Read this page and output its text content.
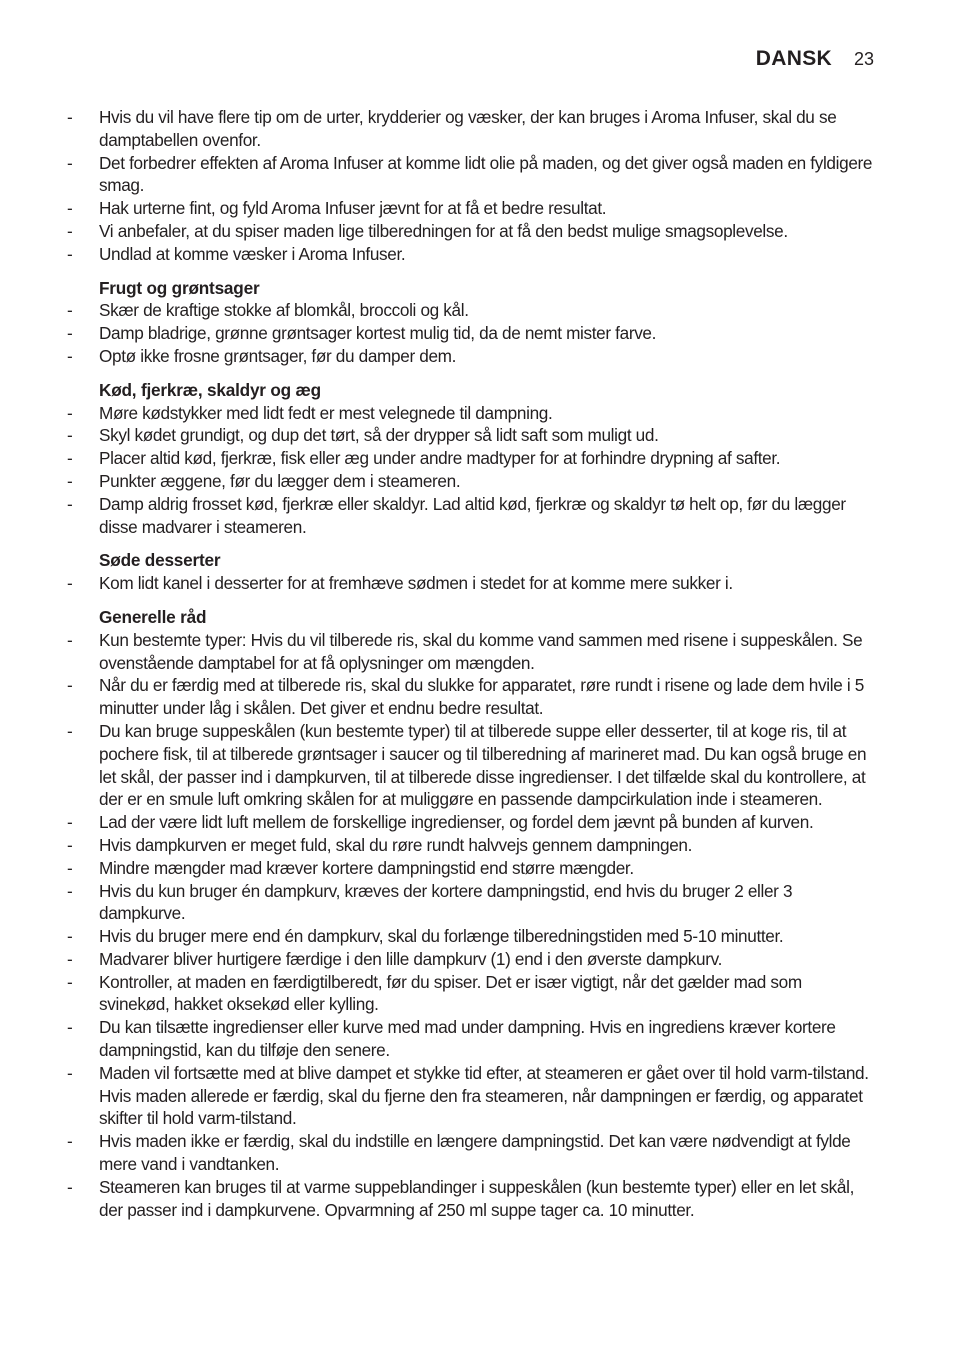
DANSK 23
- Hvis du vil have flere tip om de urter, krydderier og væsker, der kan bruges i Aroma Infuser, skal du se damptabellen ovenfor.
- Det forbedrer effekten af Aroma Infuser at komme lidt olie på maden, og det giver også maden en fyldigere smag.
- Hak urterne fint, og fyld Aroma Infuser jævnt for at få et bedre resultat.
- Vi anbefaler, at du spiser maden lige tilberedningen for at få den bedst mulige smagsoplevelse.
- Undlad at komme væsker i Aroma Infuser.
Frugt og grøntsager
- Skær de kraftige stokke af blomkål, broccoli og kål.
- Damp bladrige, grønne grøntsager kortest mulig tid, da de nemt mister farve.
- Optø ikke frosne grøntsager, før du damper dem.
Kød, fjerkræ, skaldyr og æg
- Møre kødstykker med lidt fedt er mest velegnede til dampning.
- Skyl kødet grundigt, og dup det tørt, så der drypper så lidt saft som muligt ud.
- Placer altid kød, fjerkræ, fisk eller æg under andre madtyper for at forhindre drypning af safter.
- Punkter æggene, før du lægger dem i steameren.
- Damp aldrig frosset kød, fjerkræ eller skaldyr. Lad altid kød, fjerkræ og skaldyr tø helt op, før du lægger disse madvarer i steameren.
Søde desserter
- Kom lidt kanel i desserter for at fremhæve sødmen i stedet for at komme mere sukker i.
Generelle råd
- Kun bestemte typer: Hvis du vil tilberede ris, skal du komme vand sammen med risene i suppeskålen. Se ovenstående damptabel for at få oplysninger om mængden.
- Når du er færdig med at tilberede ris, skal du slukke for apparatet, røre rundt i risene og lade dem hvile i 5 minutter under låg i skålen. Det giver et endnu bedre resultat.
- Du kan bruge suppeskålen (kun bestemte typer) til at tilberede suppe eller desserter, til at koge ris, til at pochere fisk, til at tilberede grøntsager i saucer og til tilberedning af marineret mad. Du kan også bruge en let skål, der passer ind i dampkurven, til at tilberede disse ingredienser. I det tilfælde skal du kontrollere, at der er en smule luft omkring skålen for at muliggøre en passende dampcirkulation inde i steameren.
- Lad der være lidt luft mellem de forskellige ingredienser, og fordel dem jævnt på bunden af kurven.
- Hvis dampkurven er meget fuld, skal du røre rundt halvvejs gennem dampningen.
- Mindre mængder mad kræver kortere dampningstid end større mængder.
- Hvis du kun bruger én dampkurv, kræves der kortere dampningstid, end hvis du bruger 2 eller 3 dampkurve.
- Hvis du bruger mere end én dampkurv, skal du forlænge tilberedningstiden med 5-10 minutter.
- Madvarer bliver hurtigere færdige i den lille dampkurv (1) end i den øverste dampkurv.
- Kontroller, at maden en færdigtilberedt, før du spiser. Det er især vigtigt, når det gælder mad som svinekød, hakket oksekød eller kylling.
- Du kan tilsætte ingredienser eller kurve med mad under dampning. Hvis en ingrediens kræver kortere dampningstid, kan du tilføje den senere.
- Maden vil fortsætte med at blive dampet et stykke tid efter, at steameren er gået over til hold varm-tilstand. Hvis maden allerede er færdig, skal du fjerne den fra steameren, når dampningen er færdig, og apparatet skifter til hold varm-tilstand.
- Hvis maden ikke er færdig, skal du indstille en længere dampningstid. Det kan være nødvendigt at fylde mere vand i vandtanken.
- Steameren kan bruges til at varme suppeblandinger i suppeskålen (kun bestemte typer) eller en let skål, der passer ind i dampkurvene. Opvarmning af 250 ml suppe tager ca. 10 minutter.
